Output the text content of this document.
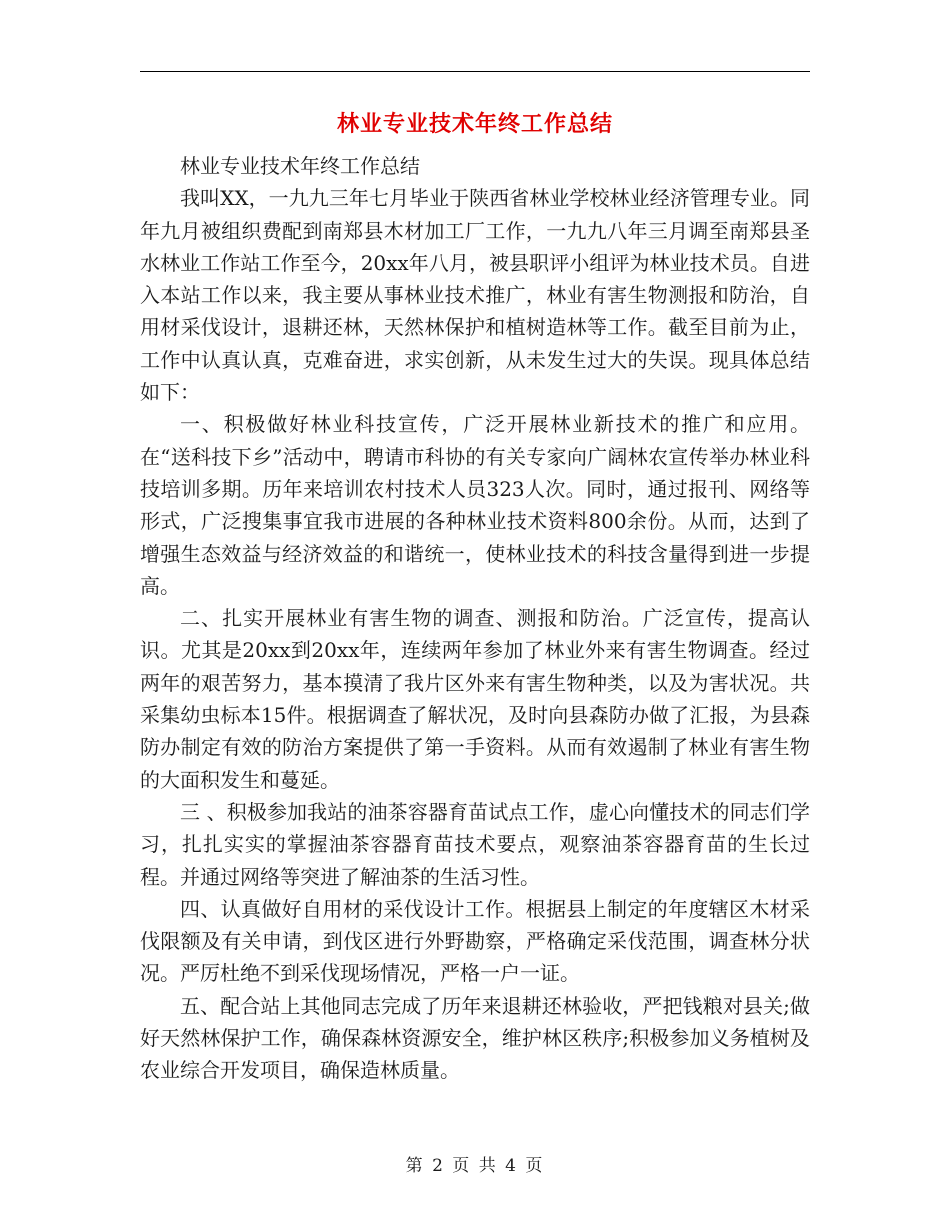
林业专业技术年终工作总结

林业专业技术年终工作总结

我叫XX，一九九三年七月毕业于陕西省林业学校林业经济管理专业。同年九月被组织费配到南郑县木材加工厂工作，一九九八年三月调至南郑县圣水林业工作站工作至今，20xx年八月，被县职评小组评为林业技术员。自进入本站工作以来，我主要从事林业技术推广，林业有害生物测报和防治，自用材采伐设计，退耕还林，天然林保护和植树造林等工作。截至目前为止，工作中认真认真，克难奋进，求实创新，从未发生过大的失误。现具体总结如下：

一、积极做好林业科技宣传，广泛开展林业新技术的推广和应用。在“送科技下乡”活动中，聘请市科协的有关专家向广阔林农宣传举办林业科技培训多期。历年来培训农村技术人员323人次。同时，通过报刊、网络等形式，广泛搜集事宜我市进展的各种林业技术资料800余份。从而，达到了增强生态效益与经济效益的和谐统一，使林业技术的科技含量得到进一步提高。

二、扎实开展林业有害生物的调查、测报和防治。广泛宣传，提高认识。尤其是20xx到20xx年，连续两年参加了林业外来有害生物调查。经过两年的艰苦努力，基本摸清了我片区外来有害生物种类，以及为害状况。共采集幼虫标本15件。根据调查了解状况，及时向县森防办做了汇报，为县森防办制定有效的防治方案提供了第一手资料。从而有效遏制了林业有害生物的大面积发生和蔓延。

三 、积极参加我站的油茶容器育苗试点工作，虚心向懂技术的同志们学习，扎扎实实的掌握油茶容器育苗技术要点，观察油茶容器育苗的生长过程。并通过网络等突进了解油茶的生活习性。

四、认真做好自用材的采伐设计工作。根据县上制定的年度辖区木材采伐限额及有关申请，到伐区进行外野勘察，严格确定采伐范围，调查林分状况。严厉杜绝不到采伐现场情况，严格一户一证。

五、配合站上其他同志完成了历年来退耕还林验收，严把钱粮对县关;做好天然林保护工作，确保森林资源安全，维护林区秩序;积极参加义务植树及农业综合开发项目，确保造林质量。

第 2 页 共 4 页
